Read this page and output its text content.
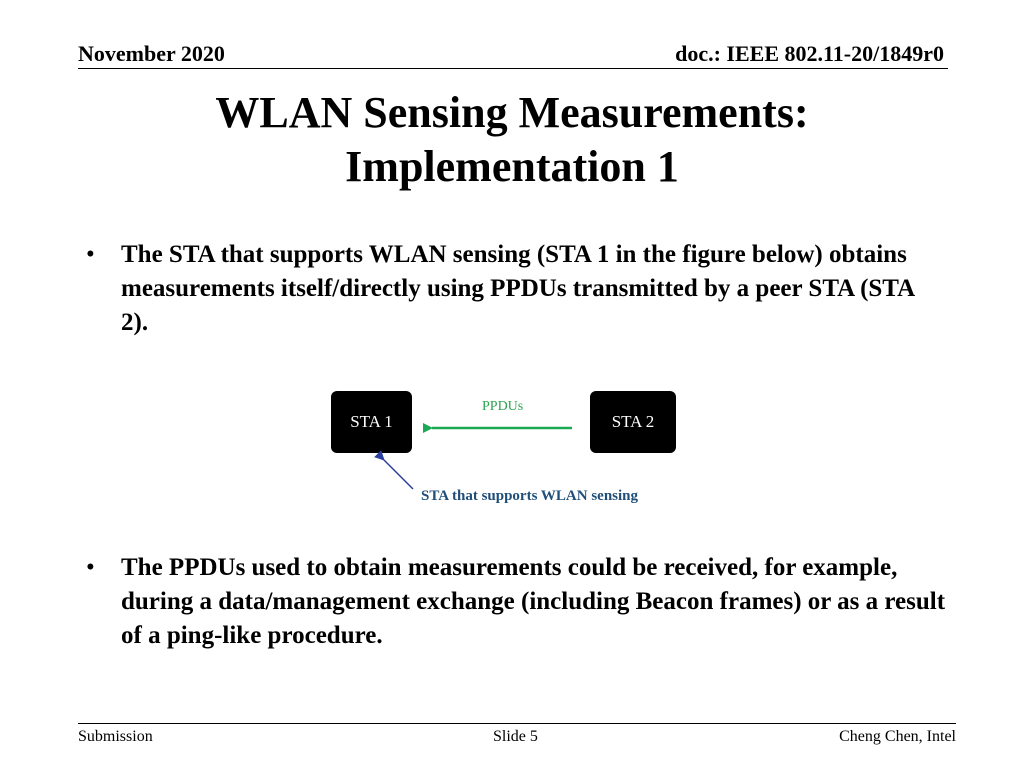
November 2020	doc.: IEEE 802.11-20/1849r0
WLAN Sensing Measurements:
Implementation 1
• The STA that supports WLAN sensing (STA 1 in the figure below) obtains measurements itself/directly using PPDUs transmitted by a peer STA (STA 2).
STA 1	STA 2
PPDUs
STA that supports WLAN sensing
• The PPDUs used to obtain measurements could be received, for example, during a data/management exchange (including Beacon frames) or as a result of a ping-like procedure.
Submission	Slide 5	Cheng Chen, Intel
